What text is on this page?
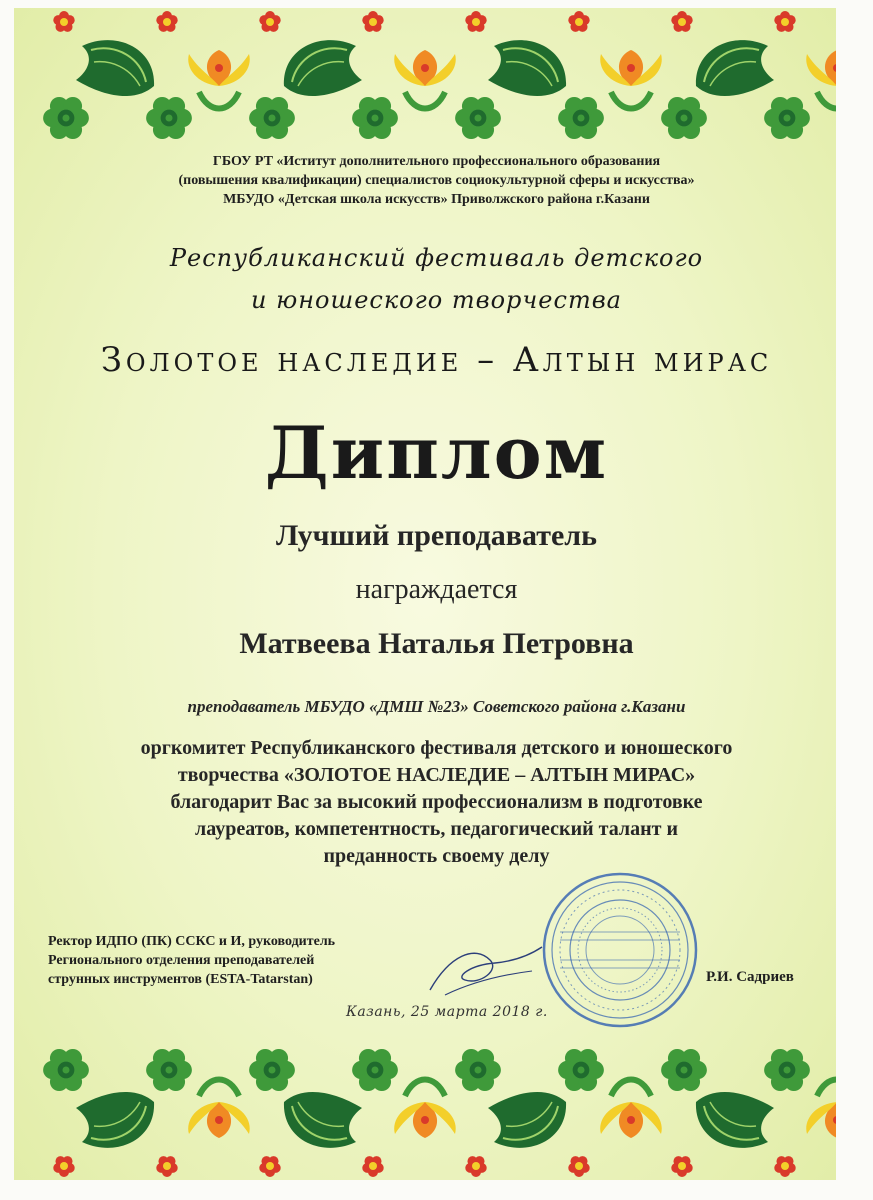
ГБОУ РТ «Иститут дополнительного профессионального образования
(повышения квалификации) специалистов социокультурной сферы и искусства»
МБУДО «Детская школа искусств» Приволжского района г.Казани
Республиканский фестиваль детского
и юношеского творчества
Золотое наследие – Алтын мирас
Диплом
Лучший преподаватель
награждается
Матвеева Наталья Петровна
преподаватель МБУДО «ДМШ №23» Советского района г.Казани
оргкомитет Республиканского фестиваля детского и юношеского
творчества «ЗОЛОТОЕ НАСЛЕДИЕ – АЛТЫН МИРАС»
благодарит Вас за высокий профессионализм в подготовке
лауреатов, компетентность, педагогический талант и
преданность своему делу
Ректор ИДПО (ПК) ССКС и И, руководитель
Регионального отделения преподавателей
струнных инструментов (ESTA-Tatarstan)	Р.И. Садриев
Казань, 25 марта 2018 г.
